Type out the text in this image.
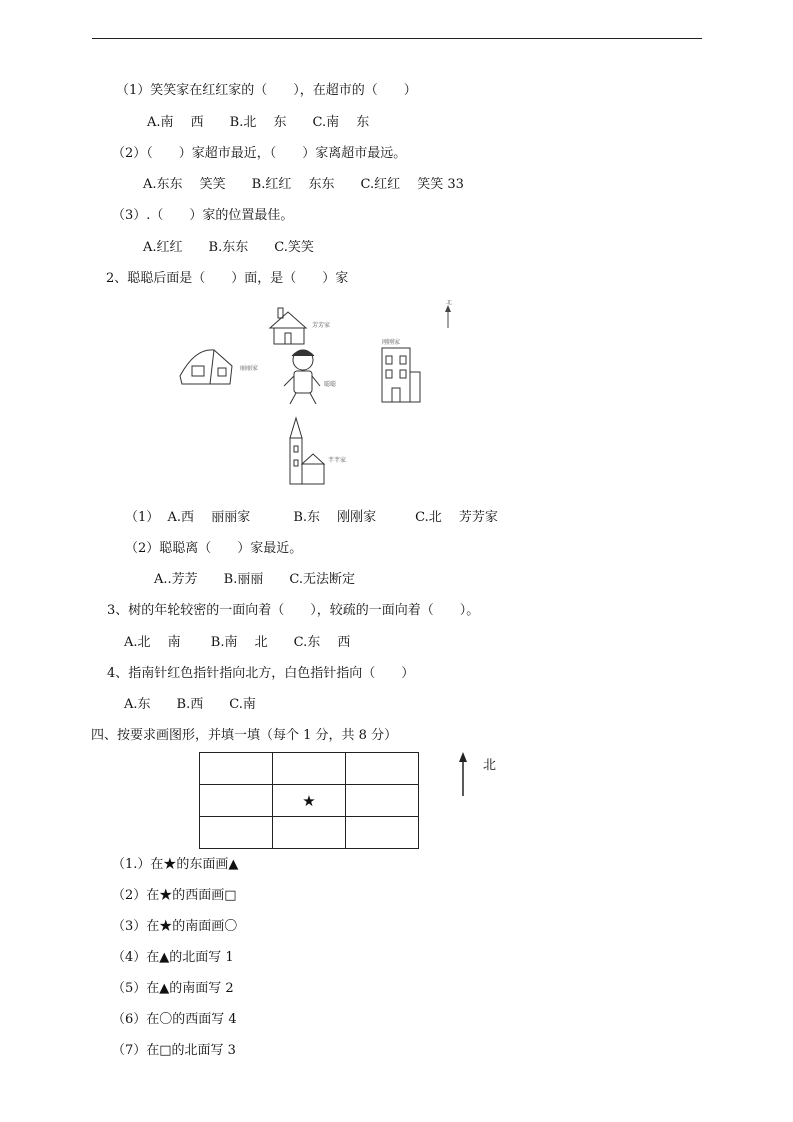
（1）笑笑家在红红家的（　　），在超市的（　　）
A.南　 西　　B.北　 东　　C.南　 东
（2）（　　）家超市最近，（　　）家离超市最远。
A.东东　 笑笑　　B.红红　 东东　　C.红红　 笑笑 33
（3）.（　　）家的位置最佳。
A.红红　　B.东东　　C.笑笑
2、聪聪后面是（　　）面，是（　　）家
北
芳芳家
丽丽家
聪聪
刚刚家
芊芊家
（1）  A.西　 丽丽家　　　 B.东　 刚刚家　　　C.北　 芳芳家
（2）聪聪离（　　）家最近。
A..芳芳　　B.丽丽　　C.无法断定
3、树的年轮较密的一面向着（　　），较疏的一面向着（　　）。
A.北　 南　　 B.南　 北　　C.东　 西
4、指南针红色指针指向北方，白色指针指向（　　）
A.东　　B.西　　C.南
四、按要求画图形，并填一填（每个 1 分，共 8 分）

	★	

北
（1.）在★的东面画▲
（2）在★的西面画□
（3）在★的南面画〇
（4）在▲的北面写 1
（5）在▲的南面写 2
（6）在〇的西面写 4
（7）在□的北面写 3
